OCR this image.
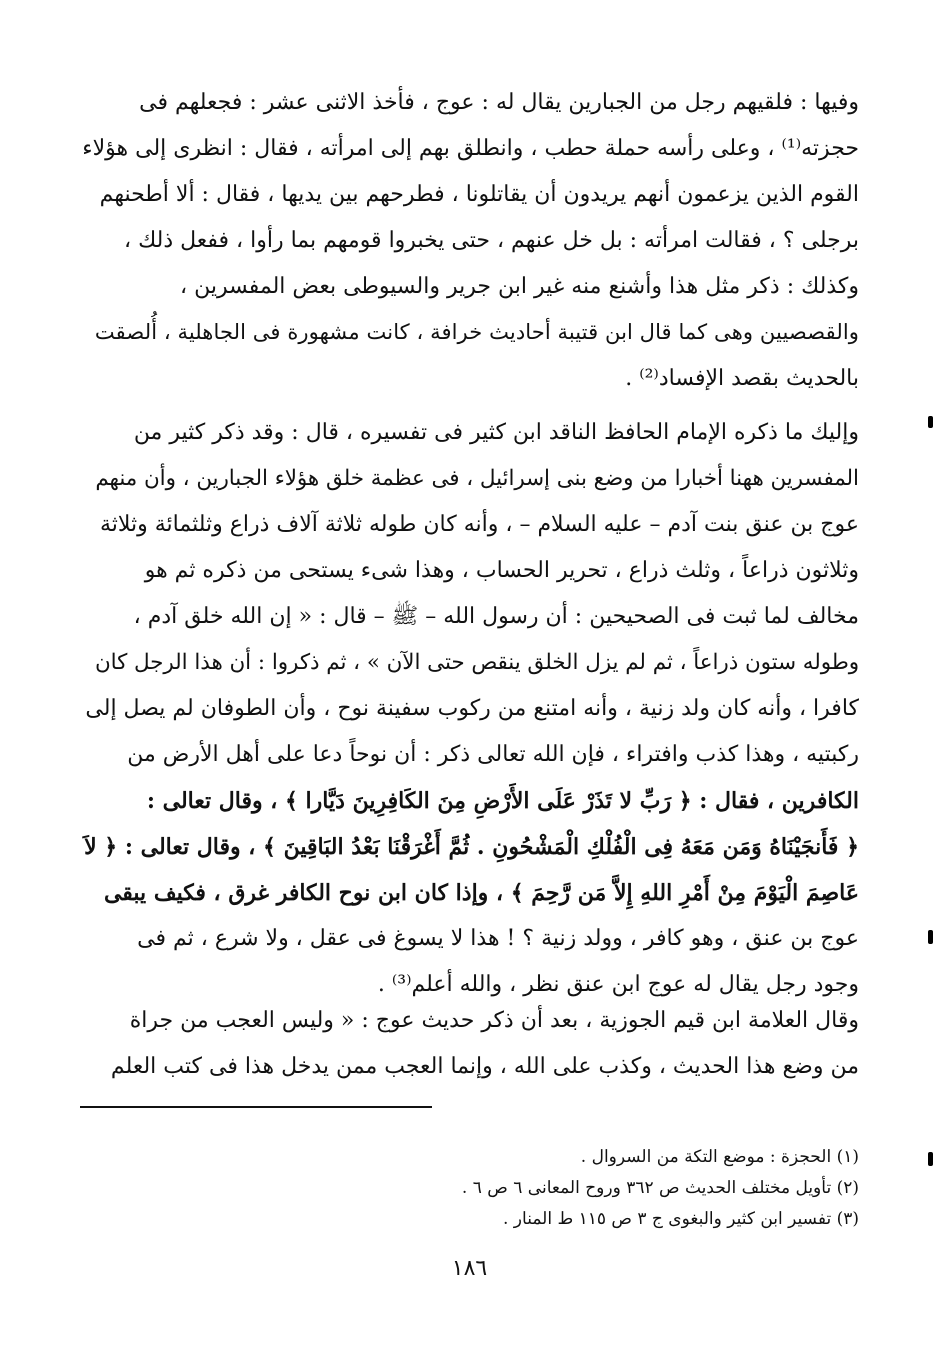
وفيها : فلقيهم رجل من الجبارين يقال له : عوج ، فأخذ الاثنى عشر : فجعلهم فى
حجزته⁽¹⁾ ، وعلى رأسه حملة حطب ، وانطلق بهم إلى امرأته ، فقال : انظرى إلى هؤلاء
القوم الذين يزعمون أنهم يريدون أن يقاتلونا ، فطرحهم بين يديها ، فقال : ألا أطحنهم
برجلى ؟ ، فقالت امرأته : بل خل عنهم ، حتى يخبروا قومهم بما رأوا ، ففعل ذلك ،
وكذلك : ذكر مثل هذا وأشنع منه غير ابن جرير والسيوطى بعض المفسرين ،
والقصصيين وهى كما قال ابن قتيبة أحاديث خرافة ، كانت مشهورة فى الجاهلية ، أُلصقت
بالحديث بقصد الإفساد⁽²⁾ .
وإليك ما ذكره الإمام الحافظ الناقد ابن كثير فى تفسيره ، قال : وقد ذكر كثير من
المفسرين ههنا أخبارا من وضع بنى إسرائيل ، فى عظمة خلق هؤلاء الجبارين ، وأن منهم
عوج بن عنق بنت آدم – عليه السلام – ، وأنه كان طوله ثلاثة آلاف ذراع وثلثمائة وثلاثة
وثلاثون ذراعاً ، وثلث ذراع ، تحرير الحساب ، وهذا شىء يستحى من ذكره ثم هو
مخالف لما ثبت فى الصحيحين : أن رسول الله – ﷺ – قال : « إن الله خلق آدم ،
وطوله ستون ذراعاً ، ثم لم يزل الخلق ينقص حتى الآن » ، ثم ذكروا : أن هذا الرجل كان
كافرا ، وأنه كان ولد زنية ، وأنه امتنع من ركوب سفينة نوح ، وأن الطوفان لم يصل إلى
ركبتيه ، وهذا كذب وافتراء ، فإن الله تعالى ذكر : أن نوحاً دعا على أهل الأرض من
الكافرين ، فقال : ﴿ رَبِّ لا تَذَرْ عَلَى الأَرْضِ مِنَ الكَافِرِينَ دَيَّارا ﴾ ، وقال تعالى :
﴿ فَأَنجَيْنَاهُ وَمَن مَعَهُ فِى الْفُلْكِ الْمَشْحُونِ . ثُمَّ أَغْرَقْنَا بَعْدُ البَاقِينَ ﴾ ، وقال تعالى : ﴿ لاَ
عَاصِمَ الْيَوْمَ مِنْ أَمْرِ اللهِ إِلاَّ مَن رَّحِمَ ﴾ ، وإذا كان ابن نوح الكافر غرق ، فكيف يبقى
عوج بن عنق ، وهو كافر ، وولد زنية ؟ ! هذا لا يسوغ فى عقل ، ولا شرع ، ثم فى
وجود رجل يقال له عوج ابن عنق نظر ، والله أعلم⁽³⁾ .
وقال العلامة ابن قيم الجوزية ، بعد أن ذكر حديث عوج : « وليس العجب من جراة
من وضع هذا الحديث ، وكذب على الله ، وإنما العجب ممن يدخل هذا فى كتب العلم
(١) الحجزة : موضع التكة من السروال .
(٢) تأويل مختلف الحديث ص ٣٦٢ وروح المعانى ٦ ص ٦ .
(٣) تفسير ابن كثير والبغوى ج ٣ ص ١١٥ ط المنار .
١٨٦
